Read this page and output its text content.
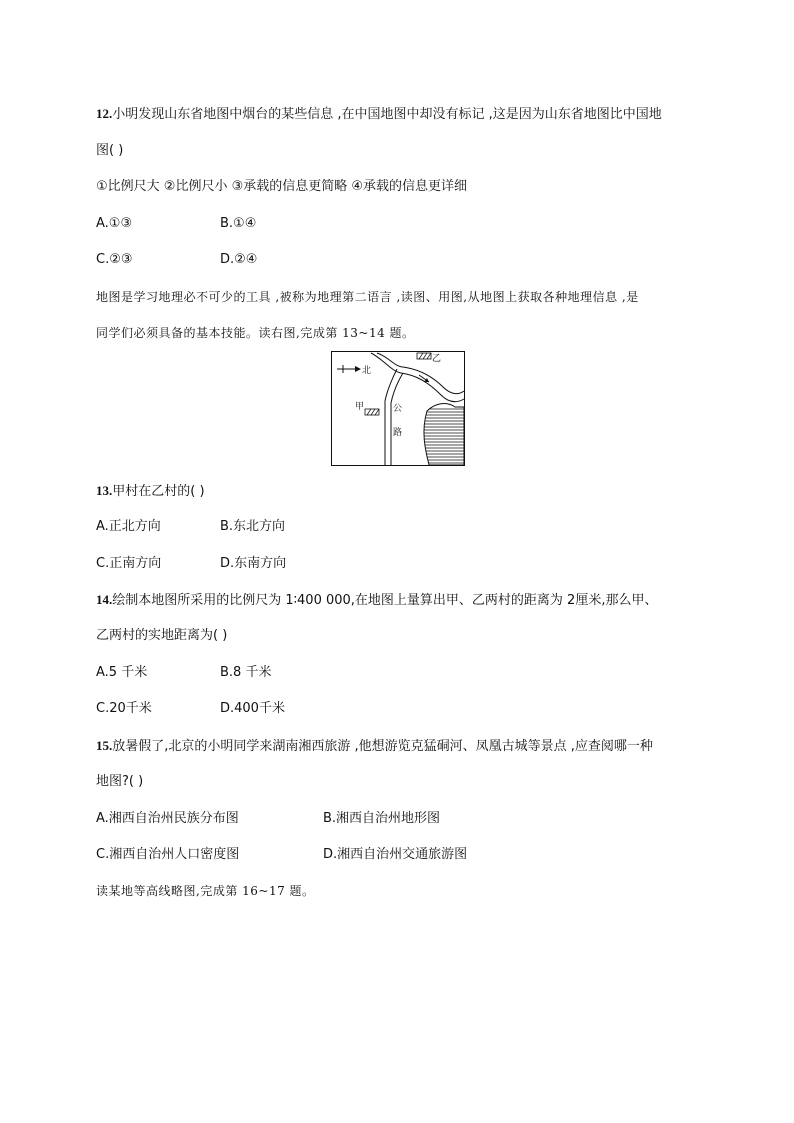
12.小明发现山东省地图中烟台的某些信息 ,在中国地图中却没有标记 ,这是因为山东省地图比中国地
图( )
①比例尺大 ②比例尺小 ③承载的信息更简略 ④承载的信息更详细
A.①③	B.①④
C.②③	D.②④
地图是学习地理必不可少的工具 ,被称为地理第二语言 ,读图、用图,从地图上获取各种地理信息 ,是
同学们必须具备的基本技能。读右图,完成第 13~14 题。
北
公
路
甲
乙
13.甲村在乙村的( )
A.正北方向	B.东北方向
C.正南方向	D.东南方向
14.绘制本地图所采用的比例尺为 1∶400 000,在地图上量算出甲、乙两村的距离为 2厘米,那么甲、
乙两村的实地距离为( )
A.5 千米	B.8 千米
C.20千米	D.400千米
15.放暑假了,北京的小明同学来湖南湘西旅游 ,他想游览克猛硐河、凤凰古城等景点 ,应查阅哪一种
地图?( )
A.湘西自治州民族分布图	B.湘西自治州地形图
C.湘西自治州人口密度图	D.湘西自治州交通旅游图
读某地等高线略图,完成第 16~17 题。
